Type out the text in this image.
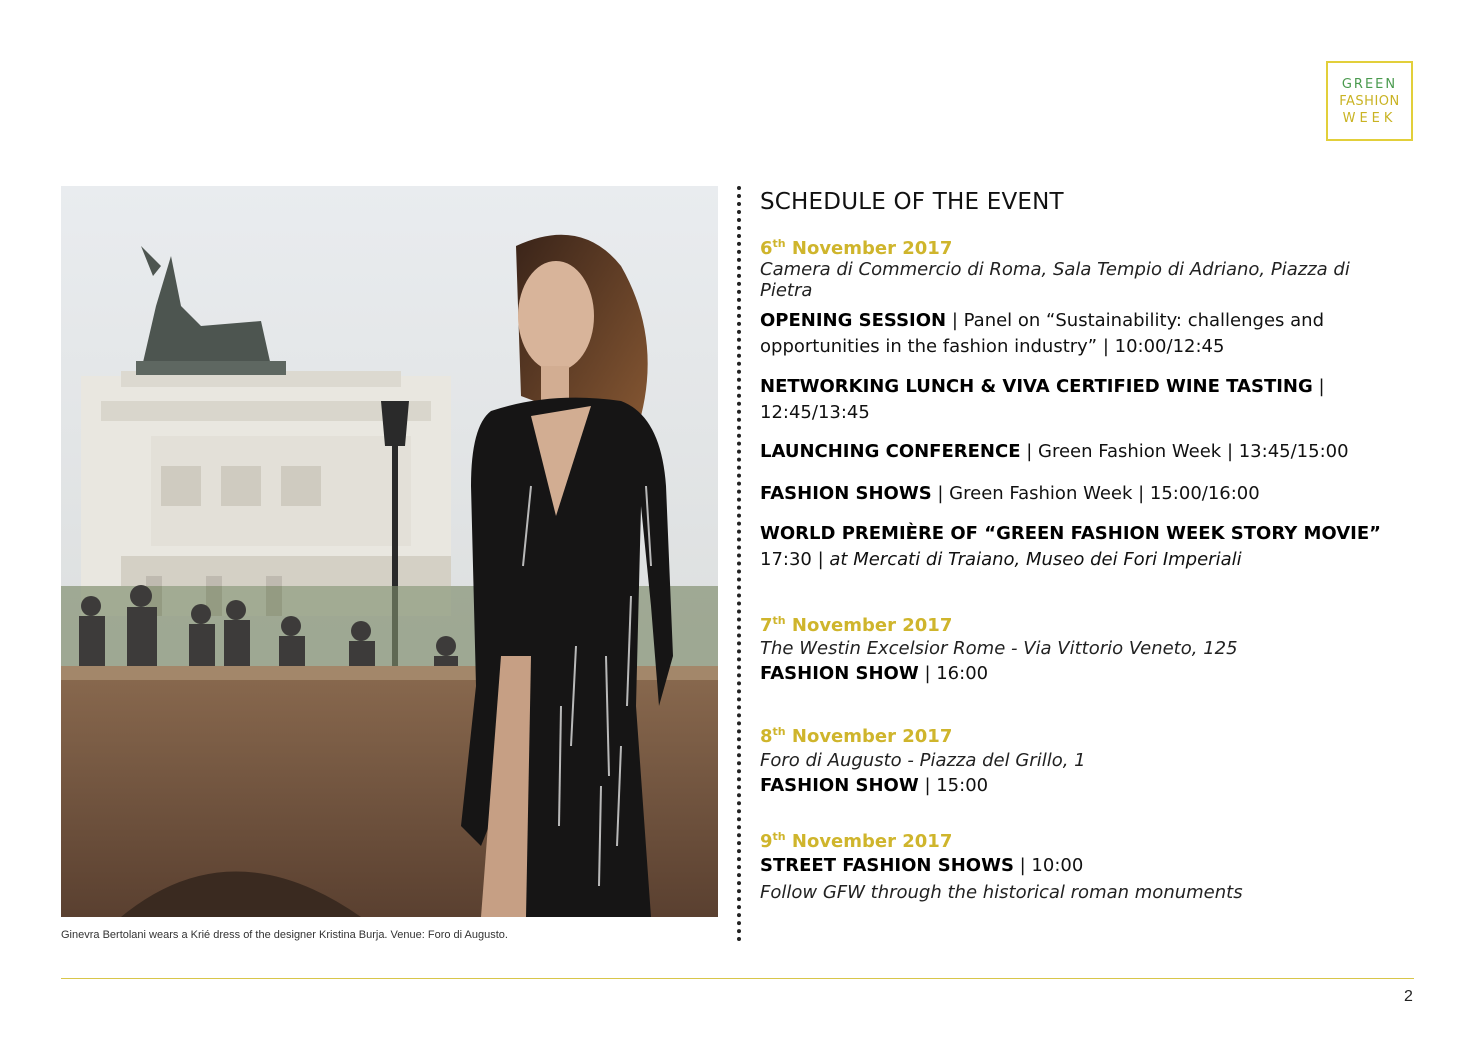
GREEN
FASHION
WEEK
Ginevra Bertolani wears a Krié dress of the designer Kristina Burja. Venue: Foro di Augusto.
SCHEDULE OF THE EVENT
6th November 2017
Camera di Commercio di Roma, Sala Tempio di Adriano, Piazza di Pietra
OPENING SESSION | Panel on “Sustainability: challenges and opportunities in the fashion industry” | 10:00/12:45
NETWORKING LUNCH & VIVA CERTIFIED WINE TASTING | 12:45/13:45
LAUNCHING CONFERENCE | Green Fashion Week | 13:45/15:00
FASHION SHOWS | Green Fashion Week | 15:00/16:00
WORLD PREMIÈRE OF “GREEN FASHION WEEK STORY MOVIE”
17:30 | at Mercati di Traiano, Museo dei Fori Imperiali
7th November 2017
The Westin Excelsior Rome - Via Vittorio Veneto, 125
FASHION SHOW | 16:00
8th November 2017
Foro di Augusto - Piazza del Grillo, 1
FASHION SHOW | 15:00
9th November 2017
STREET FASHION SHOWS | 10:00
Follow GFW through the historical roman monuments
2
